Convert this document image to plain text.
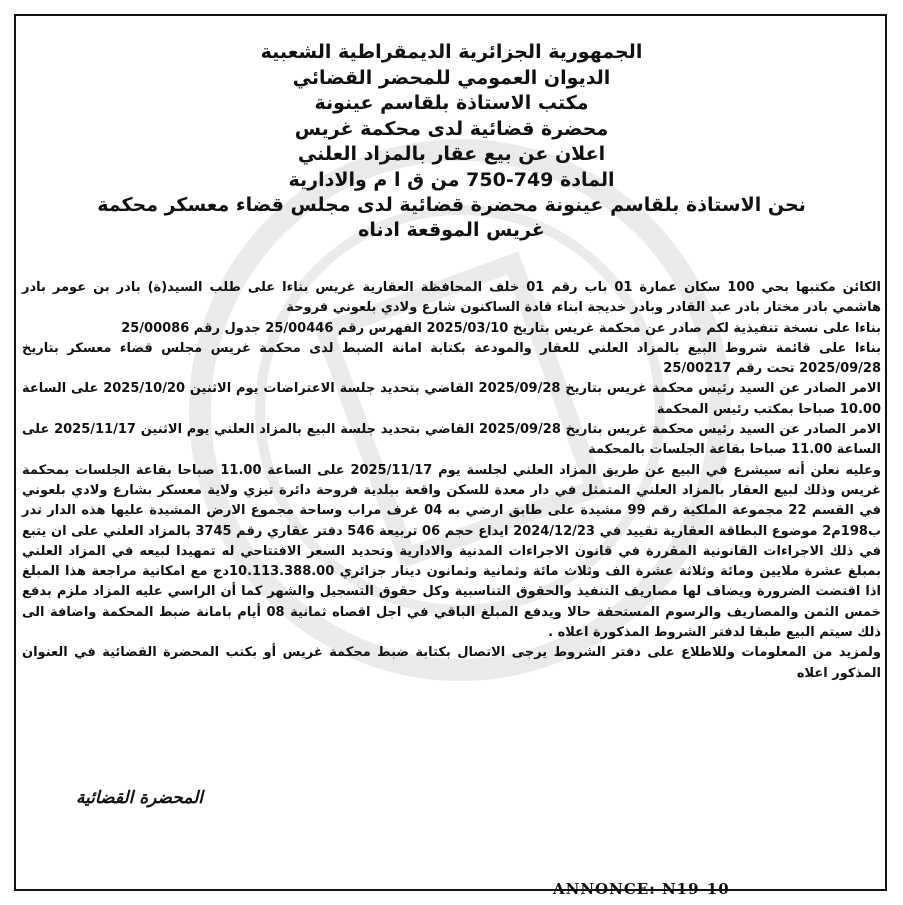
الجمهورية الجزائرية الديمقراطية الشعبية
الديوان العمومي للمحضر القضائي
مكتب الاستاذة بلقاسم عينونة
محضرة قضائية لدى محكمة غريس
اعلان عن بيع عقار بالمزاد العلني
المادة 749-750 من ق ا م والادارية
نحن الاستاذة بلقاسم عينونة محضرة قضائية لدى مجلس قضاء معسكر محكمة
غريس الموقعة ادناه

الكائن مكتبها بحي 100 سكان عمارة 01 باب رقم 01 خلف المحافظة العقارية غريس بناءا على طلب السيد(ة) بادر بن عومر بادر هاشمي بادر مختار بادر عبد القادر وبادر خديجة ابناء قادة الساكنون شارع ولادي بلعوني فروحة

بناءا على نسخة تنفيذية لكم صادر عن محكمة غريس بتاريخ 2025/03/10 الفهرس رقم 25/00446 جدول رقم 25/00086

بناءا على قائمة شروط البيع بالمزاد العلني للعقار والمودعة بكتابة امانة الضبط لدى محكمة غريس مجلس قضاء معسكر بتاريخ 2025/09/28 تحت رقم 25/00217

الامر الصادر عن السيد رئيس محكمة غريس بتاريخ 2025/09/28 القاضي بتحديد جلسة الاعتراضات يوم الاثنين 2025/10/20 على الساعة 10.00 صباحا بمكتب رئيس المحكمة

الامر الصادر عن السيد رئيس محكمة غريس بتاريخ 2025/09/28 القاضي بتحديد جلسة البيع بالمزاد العلني يوم الاثنين 2025/11/17 على الساعة 11.00 صباحا بقاعة الجلسات بالمحكمة

وعليه نعلن أنه سيشرع في البيع عن طريق المزاد العلني لجلسة يوم 2025/11/17 على الساعة 11.00 صباحا بقاعة الجلسات بمحكمة غريس وذلك لبيع العقار بالمزاد العلني المتمثل في دار معدة للسكن واقعة ببلدية فروحة دائرة تيزي ولاية معسكر بشارع ولادي بلعوني في القسم 22 مجموعة الملكية رقم 99 مشيدة على طابق ارضي به 04 غرف مراب وساحة مجموع الارض المشيدة عليها هذه الدار تدر ب198م2 موضوع البطاقة العقارية تقييد في 2024/12/23 ايداع حجم 06 تربيعة 546 دفتر عقاري رقم 3745 بالمزاد العلني على ان يتبع في ذلك الاجراءات القانونية المقررة في قانون الاجراءات المدنية والادارية وتحديد السعر الافتتاحي له تمهيدا لبيعه في المزاد العلني بمبلغ عشرة ملايين ومائة وثلاثة عشرة الف وثلاث مائة وثمانية وثمانون دينار جزائري 10.113.388.00دج مع امكانية مراجعة هذا المبلغ اذا اقتضت الضرورة ويضاف لها مصاريف التنفيذ والحقوق التناسبية وكل حقوق التسجيل والشهر كما أن الراسي عليه المزاد ملزم بدفع خمس الثمن والمصاريف والرسوم المستحقة حالا ويدفع المبلغ الباقي في اجل اقصاه ثمانية 08 أيام بامانة ضبط المحكمة واضافة الى ذلك سيتم البيع طبقا لدفتر الشروط المذكورة اعلاه .

ولمزيد من المعلومات وللاطلاع على دفتر الشروط يرجى الاتصال بكتابة ضبط محكمة غريس أو بكتب المحضرة القضائية في العنوان المذكور اعلاه

المحضرة القضائية
ANNONCE: N19-10
